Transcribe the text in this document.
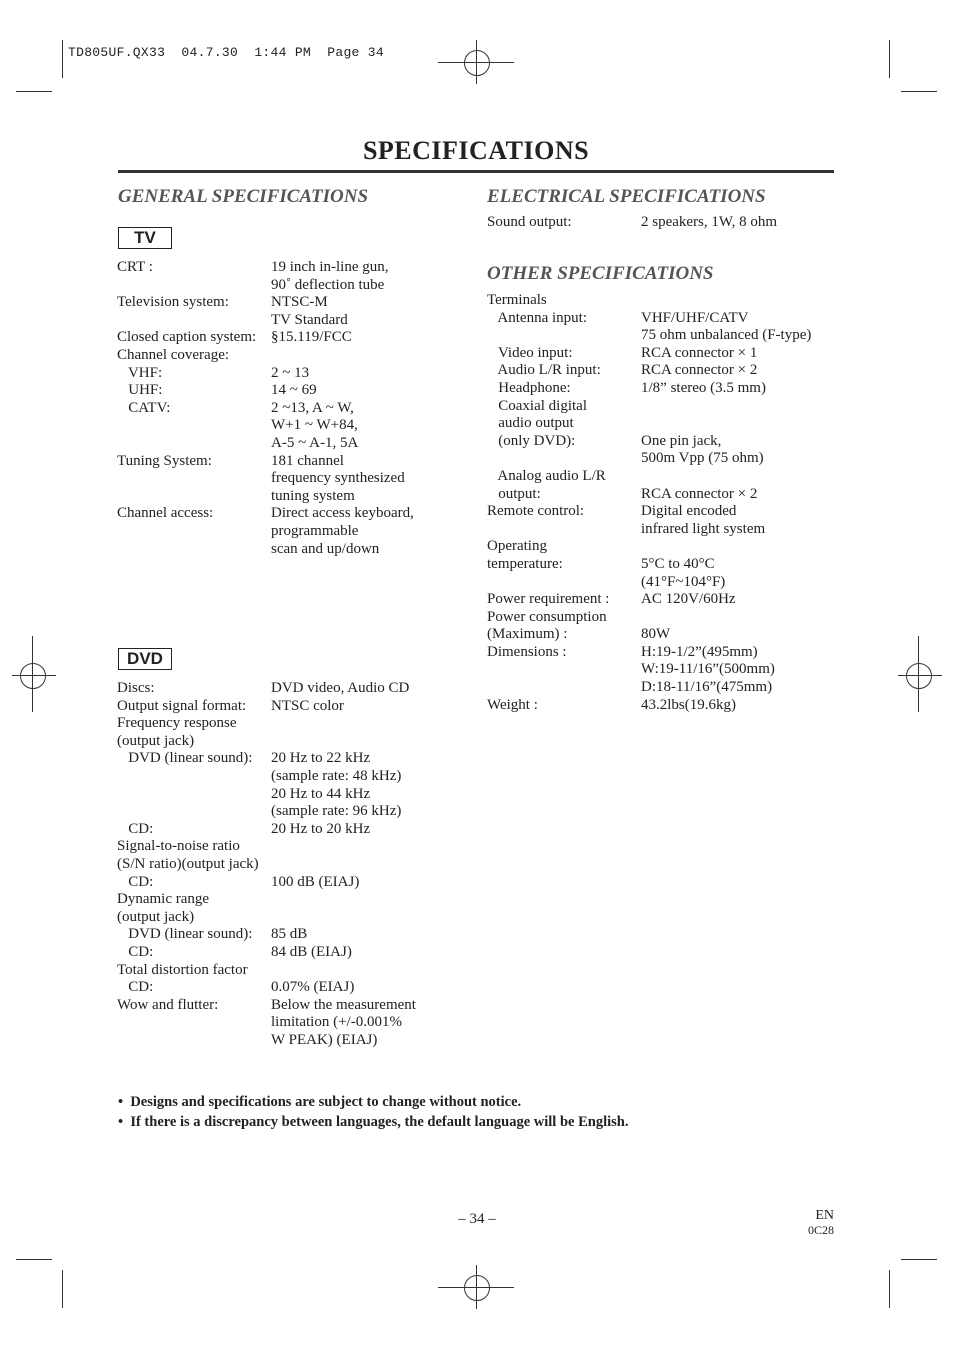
TD805UF.QX33  04.7.30  1:44 PM  Page 34
SPECIFICATIONS
GENERAL SPECIFICATIONS
TV
CRT :	19 inch in-line gun,
90˚ deflection tube
Television system:	NTSC-M
TV Standard
Closed caption system: §15.119/FCC
Channel coverage:
VHF:	2 ~ 13
UHF:	14 ~ 69
CATV:	2 ~13, A ~ W,
W+1 ~ W+84,
A-5 ~ A-1, 5A
Tuning System:	181 channel
frequency synthesized
tuning system
Channel access:	Direct access keyboard,
programmable
scan and up/down
DVD
Discs:	DVD video, Audio CD
Output signal format:	NTSC color
Frequency response
(output jack)
DVD (linear sound):	20 Hz to 22 kHz
(sample rate: 48 kHz)
20 Hz to 44 kHz
(sample rate: 96 kHz)
CD:	20 Hz to 20 kHz
Signal-to-noise ratio
(S/N ratio)(output jack)
CD:	100 dB (EIAJ)
Dynamic range
(output jack)
DVD (linear sound):	85 dB
CD:	84 dB (EIAJ)
Total distortion factor
CD:	0.07% (EIAJ)
Wow and flutter:	Below the measurement
limitation (+/-0.001%
W PEAK) (EIAJ)
ELECTRICAL SPECIFICATIONS
Sound output:	2 speakers, 1W, 8 ohm
OTHER SPECIFICATIONS
Terminals
Antenna input:	VHF/UHF/CATV
75 ohm unbalanced (F-type)
Video input:	RCA connector × 1
Audio L/R input:	RCA connector × 2
Headphone:	1/8” stereo (3.5 mm)
Coaxial digital
audio output
(only DVD):	One pin jack,
500m Vpp (75 ohm)
Analog audio L/R
output:	RCA connector × 2
Remote control:	Digital encoded
infrared light system
Operating
temperature:	5°C to 40°C
(41°F~104°F)
Power requirement :	AC 120V/60Hz
Power consumption
(Maximum) :	80W
Dimensions :	H:19-1/2”(495mm)
W:19-11/16”(500mm)
D:18-11/16”(475mm)
Weight :	43.2lbs(19.6kg)
•  Designs and specifications are subject to change without notice.
•  If there is a discrepancy between languages, the default language will be English.
– 34 –	EN
0C28
